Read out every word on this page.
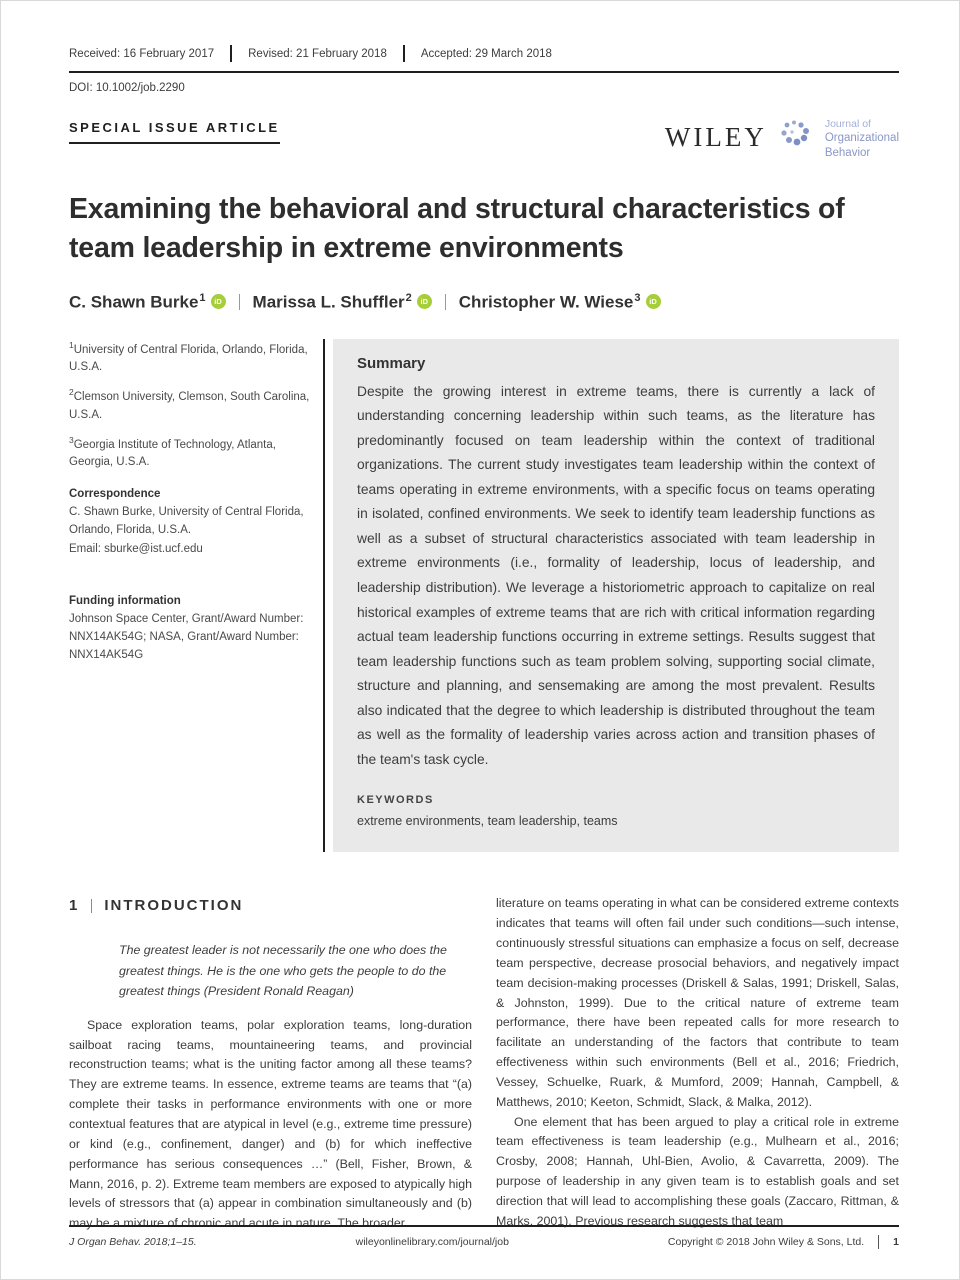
Received: 16 February 2017	Revised: 21 February 2018	Accepted: 29 March 2018
DOI: 10.1002/job.2290
SPECIAL ISSUE ARTICLE	WILEY	Journal of
Organizational
Behavior
Examining the behavioral and structural characteristics of team leadership in extreme environments
C. Shawn Burke$^1$ iD Marissa L. Shuffler$^2$ iD Christopher W. Wiese$^3$ iD
$^1$University of Central Florida, Orlando, Florida, U.S.A.
$^2$Clemson University, Clemson, South Carolina, U.S.A.
$^3$Georgia Institute of Technology, Atlanta, Georgia, U.S.A.
Correspondence
C. Shawn Burke, University of Central Florida, Orlando, Florida, U.S.A.
Email: sburke@ist.ucf.edu
Funding information
Johnson Space Center, Grant/Award Number: NNX14AK54G; NASA, Grant/Award Number: NNX14AK54G
Summary
Despite the growing interest in extreme teams, there is currently a lack of understanding concerning leadership within such teams, as the literature has predominantly focused on team leadership within the context of traditional organizations. The current study investigates team leadership within the context of teams operating in extreme environments, with a specific focus on teams operating in isolated, confined environments. We seek to identify team leadership functions as well as a subset of structural characteristics associated with team leadership in extreme environments (i.e., formality of leadership, locus of leadership, and leadership distribution). We leverage a historiometric approach to capitalize on real historical examples of extreme teams that are rich with critical information regarding actual team leadership functions occurring in extreme settings. Results suggest that team leadership functions such as team problem solving, supporting social climate, structure and planning, and sensemaking are among the most prevalent. Results also indicated that the degree to which leadership is distributed throughout the team as well as the formality of leadership varies across action and transition phases of the team's task cycle.
KEYWORDS
extreme environments, team leadership, teams
1 INTRODUCTION
The greatest leader is not necessarily the one who does the greatest things. He is the one who gets the people to do the greatest things (President Ronald Reagan)

Space exploration teams, polar exploration teams, long-duration sailboat racing teams, mountaineering teams, and provincial reconstruction teams; what is the uniting factor among all these teams? They are extreme teams. In essence, extreme teams are teams that “(a) complete their tasks in performance environments with one or more contextual features that are atypical in level (e.g., extreme time pressure) or kind (e.g., confinement, danger) and (b) for which ineffective performance has serious consequences …” (Bell, Fisher, Brown, & Mann, 2016, p. 2). Extreme team members are exposed to atypically high levels of stressors that (a) appear in combination simultaneously and (b) may be a mixture of chronic and acute in nature. The broader

literature on teams operating in what can be considered extreme contexts indicates that teams will often fail under such conditions—such intense, continuously stressful situations can emphasize a focus on self, decrease team perspective, decrease prosocial behaviors, and negatively impact team decision-making processes (Driskell & Salas, 1991; Driskell, Salas, & Johnston, 1999). Due to the critical nature of extreme team performance, there have been repeated calls for more research to facilitate an understanding of the factors that contribute to team effectiveness within such environments (Bell et al., 2016; Friedrich, Vessey, Schuelke, Ruark, & Mumford, 2009; Hannah, Campbell, & Matthews, 2010; Keeton, Schmidt, Slack, & Malka, 2012).

One element that has been argued to play a critical role in extreme team effectiveness is team leadership (e.g., Mulhearn et al., 2016; Crosby, 2008; Hannah, Uhl-Bien, Avolio, & Cavarretta, 2009). The purpose of leadership in any given team is to establish goals and set direction that will lead to accomplishing these goals (Zaccaro, Rittman, & Marks, 2001). Previous research suggests that team

J Organ Behav. 2018;1–15.	wileyonlinelibrary.com/journal/job	Copyright © 2018 John Wiley & Sons, Ltd.	1
